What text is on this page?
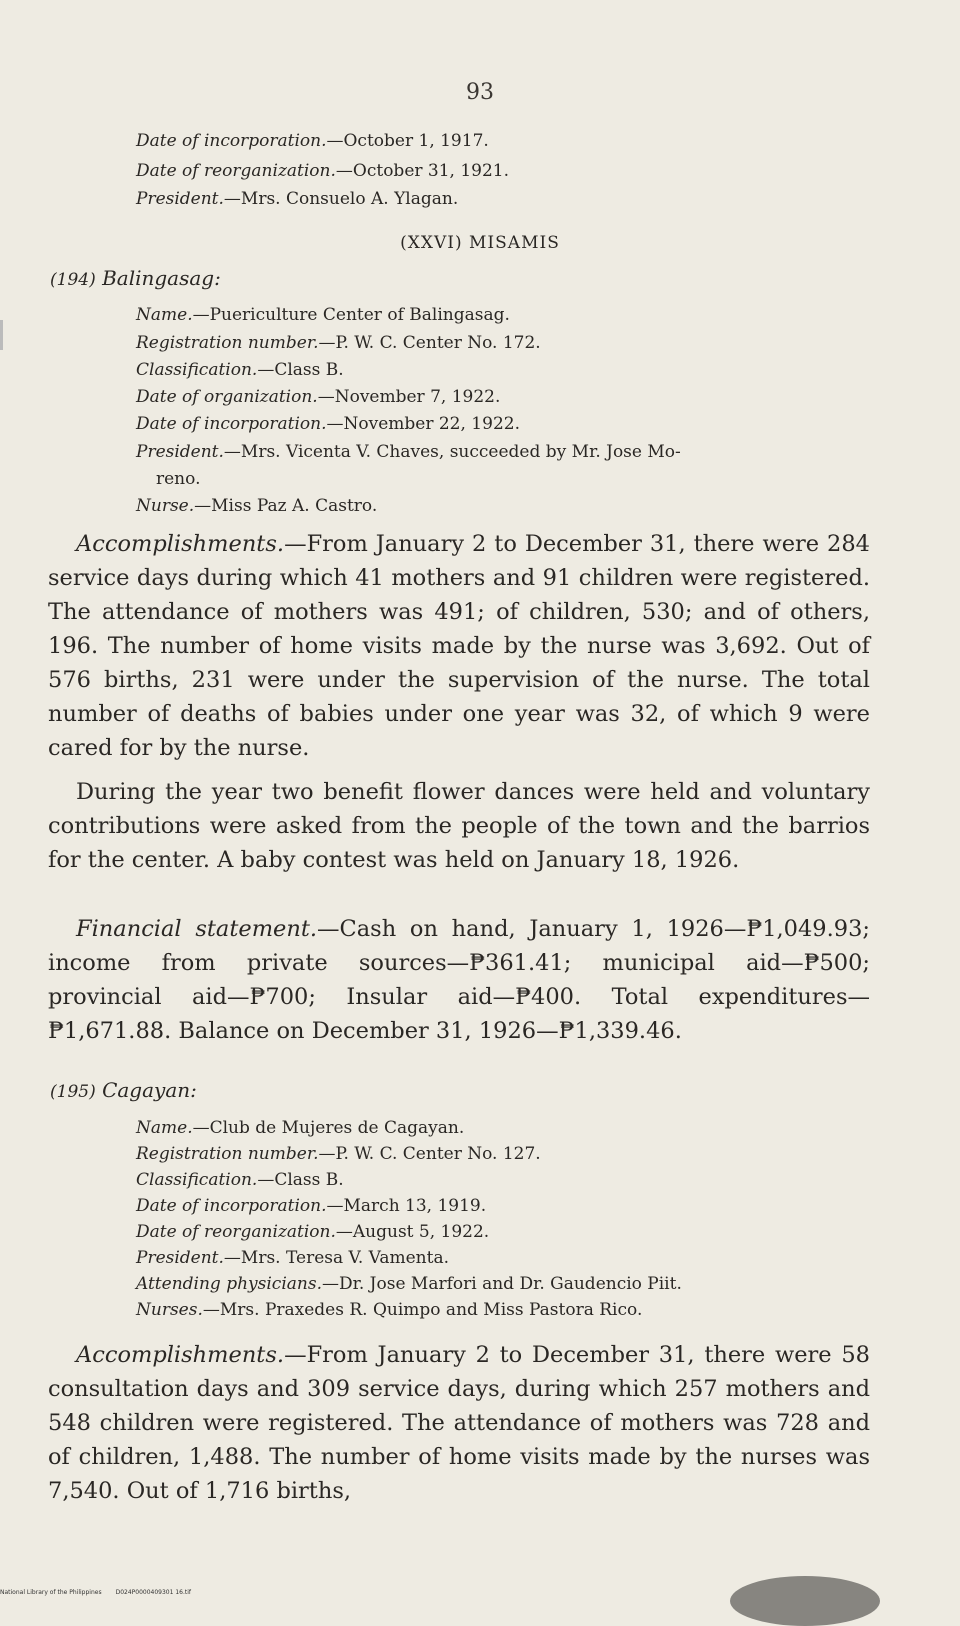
93
Date of incorporation.—October 1, 1917.
Date of reorganization.—October 31, 1921.
President.—Mrs. Consuelo A. Ylagan.
(XXVI) MISAMIS
(194) Balingasag:
Name.—Puericulture Center of Balingasag.
Registration number.—P. W. C. Center No. 172.
Classification.—Class B.
Date of organization.—November 7, 1922.
Date of incorporation.—November 22, 1922.
President.—Mrs. Vicenta V. Chaves, succeeded by Mr. Jose Mo-
reno.
Nurse.—Miss Paz A. Castro.
Accomplishments.—From January 2 to December 31, there were 284 service days during which 41 mothers and 91 children were registered. The attendance of mothers was 491; of children, 530; and of others, 196. The number of home visits made by the nurse was 3,692. Out of 576 births, 231 were under the supervision of the nurse. The total number of deaths of babies under one year was 32, of which 9 were cared for by the nurse.
During the year two benefit flower dances were held and voluntary contributions were asked from the people of the town and the barrios for the center. A baby contest was held on January 18, 1926.
Financial statement.—Cash on hand, January 1, 1926—₱1,049.93; income from private sources—₱361.41; municipal aid—₱500; provincial aid—₱700; Insular aid—₱400. Total expenditures—₱1,671.88. Balance on December 31, 1926—₱1,339.46.
(195) Cagayan:
Name.—Club de Mujeres de Cagayan.
Registration number.—P. W. C. Center No. 127.
Classification.—Class B.
Date of incorporation.—March 13, 1919.
Date of reorganization.—August 5, 1922.
President.—Mrs. Teresa V. Vamenta.
Attending physicians.—Dr. Jose Marfori and Dr. Gaudencio Piit.
Nurses.—Mrs. Praxedes R. Quimpo and Miss Pastora Rico.
Accomplishments.—From January 2 to December 31, there were 58 consultation days and 309 service days, during which 257 mothers and 548 children were registered. The attendance of mothers was 728 and of children, 1,488. The number of home visits made by the nurses was 7,540. Out of 1,716 births,
National Library of the Philippines D024P0000409301 16.tif
